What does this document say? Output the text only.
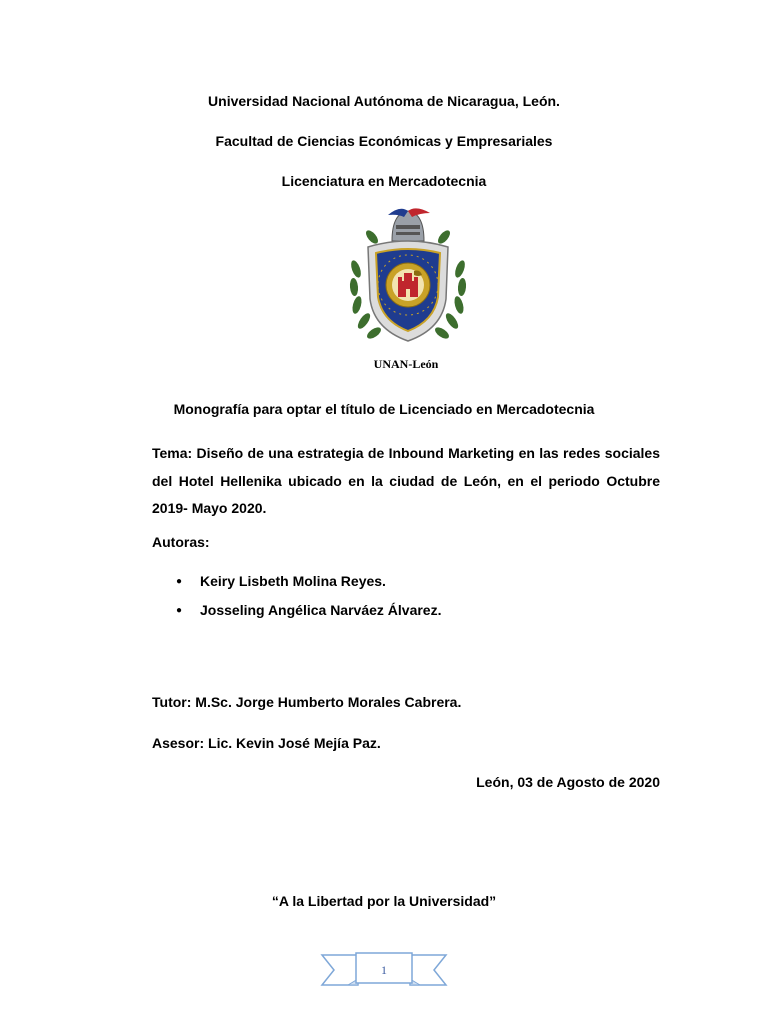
Universidad Nacional Autónoma de Nicaragua, León.
Facultad de Ciencias Económicas y Empresariales
Licenciatura en Mercadotecnia
UNAN-León
Monografía para optar el título de Licenciado en Mercadotecnia
Tema: Diseño de una estrategia de Inbound Marketing en las redes sociales del Hotel Hellenika ubicado en la ciudad de León, en el periodo Octubre 2019- Mayo 2020.
Autoras:
● Keiry Lisbeth Molina Reyes.
● Josseling Angélica Narváez Álvarez.
Tutor: M.Sc. Jorge Humberto Morales Cabrera.
Asesor: Lic. Kevin José Mejía Paz.
León, 03 de Agosto de 2020
“A la Libertad por la Universidad”
1
